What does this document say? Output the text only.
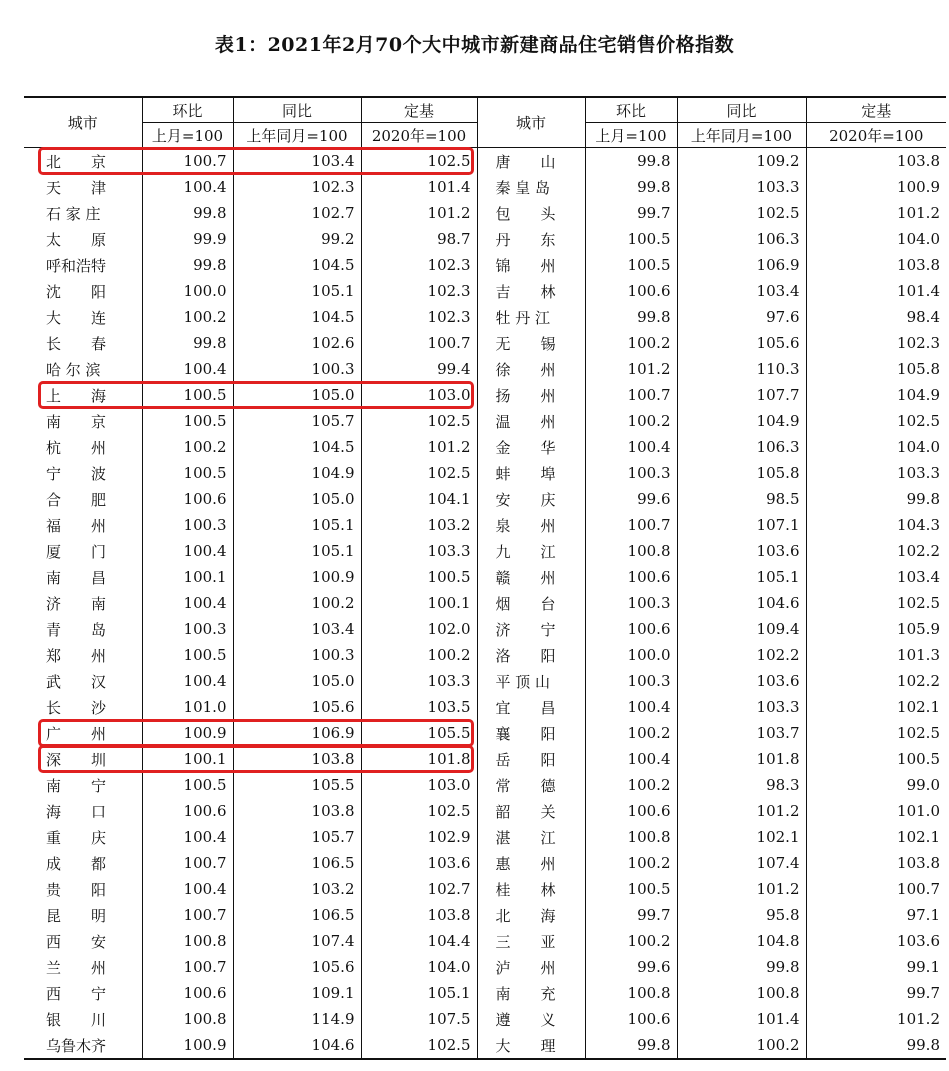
表1：2021年2月70个大中城市新建商品住宅销售价格指数
城市	环比	同比	定基	城市	环比	同比	定基
	上月=100	上年同月=100	2020年=100		上月=100	上年同月=100	2020年=100
北　　京	100.7	103.4	102.5	唐　　山	99.8	109.2	103.8
天　　津	100.4	102.3	101.4	秦 皇 岛	99.8	103.3	100.9
石 家 庄	99.8	102.7	101.2	包　　头	99.7	102.5	101.2
太　　原	99.9	99.2	98.7	丹　　东	100.5	106.3	104.0
呼和浩特	99.8	104.5	102.3	锦　　州	100.5	106.9	103.8
沈　　阳	100.0	105.1	102.3	吉　　林	100.6	103.4	101.4
大　　连	100.2	104.5	102.3	牡 丹 江	99.8	97.6	98.4
长　　春	99.8	102.6	100.7	无　　锡	100.2	105.6	102.3
哈 尔 滨	100.4	100.3	99.4	徐　　州	101.2	110.3	105.8
上　　海	100.5	105.0	103.0	扬　　州	100.7	107.7	104.9
南　　京	100.5	105.7	102.5	温　　州	100.2	104.9	102.5
杭　　州	100.2	104.5	101.2	金　　华	100.4	106.3	104.0
宁　　波	100.5	104.9	102.5	蚌　　埠	100.3	105.8	103.3
合　　肥	100.6	105.0	104.1	安　　庆	99.6	98.5	99.8
福　　州	100.3	105.1	103.2	泉　　州	100.7	107.1	104.3
厦　　门	100.4	105.1	103.3	九　　江	100.8	103.6	102.2
南　　昌	100.1	100.9	100.5	赣　　州	100.6	105.1	103.4
济　　南	100.4	100.2	100.1	烟　　台	100.3	104.6	102.5
青　　岛	100.3	103.4	102.0	济　　宁	100.6	109.4	105.9
郑　　州	100.5	100.3	100.2	洛　　阳	100.0	102.2	101.3
武　　汉	100.4	105.0	103.3	平 顶 山	100.3	103.6	102.2
长　　沙	101.0	105.6	103.5	宜　　昌	100.4	103.3	102.1
广　　州	100.9	106.9	105.5	襄　　阳	100.2	103.7	102.5
深　　圳	100.1	103.8	101.8	岳　　阳	100.4	101.8	100.5
南　　宁	100.5	105.5	103.0	常　　德	100.2	98.3	99.0
海　　口	100.6	103.8	102.5	韶　　关	100.6	101.2	101.0
重　　庆	100.4	105.7	102.9	湛　　江	100.8	102.1	102.1
成　　都	100.7	106.5	103.6	惠　　州	100.2	107.4	103.8
贵　　阳	100.4	103.2	102.7	桂　　林	100.5	101.2	100.7
昆　　明	100.7	106.5	103.8	北　　海	99.7	95.8	97.1
西　　安	100.8	107.4	104.4	三　　亚	100.2	104.8	103.6
兰　　州	100.7	105.6	104.0	泸　　州	99.6	99.8	99.1
西　　宁	100.6	109.1	105.1	南　　充	100.8	100.8	99.7
银　　川	100.8	114.9	107.5	遵　　义	100.6	101.4	101.2
乌鲁木齐	100.9	104.6	102.5	大　　理	99.8	100.2	99.8
